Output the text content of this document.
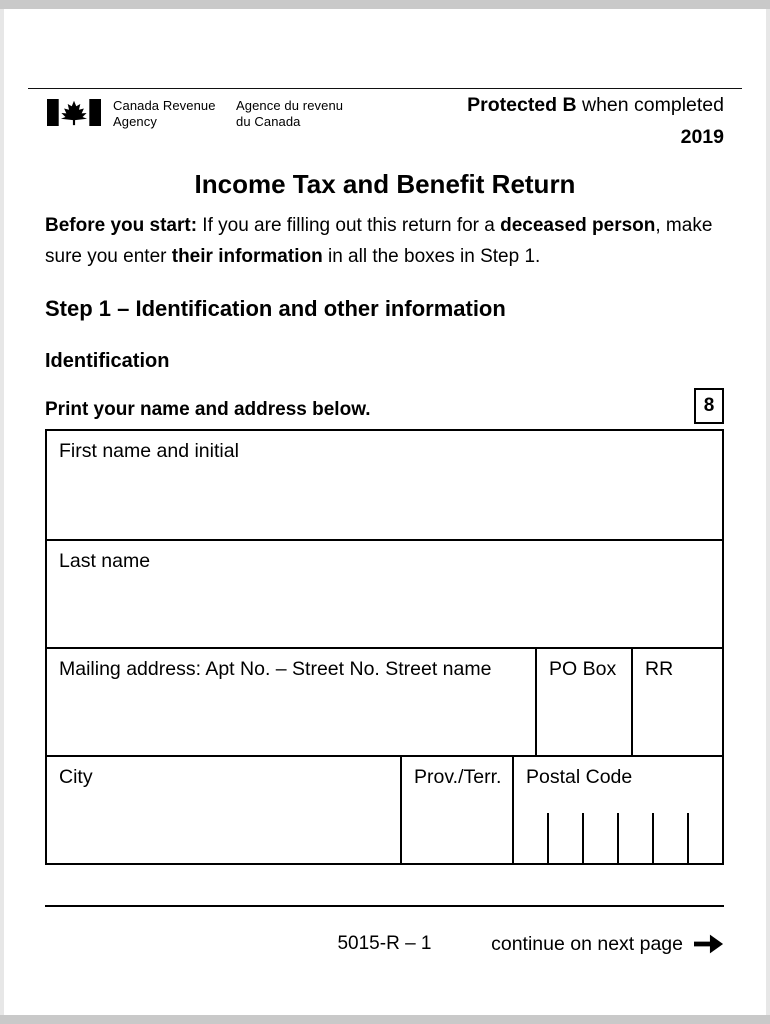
Canada Revenue
Agency
Agence du revenu
du Canada
Protected B when completed
2019
Income Tax and Benefit Return

Before you start: If you are filling out this return for a deceased person, make sure you enter their information in all the boxes in Step 1.

Step 1 – Identification and other information
Identification
Print your name and address below.	8
First name and initial
Last name
Mailing address: Apt No. – Street No. Street name	PO Box	RR
City	Prov./Terr.	Postal Code
5015-R – 1	continue on next page
